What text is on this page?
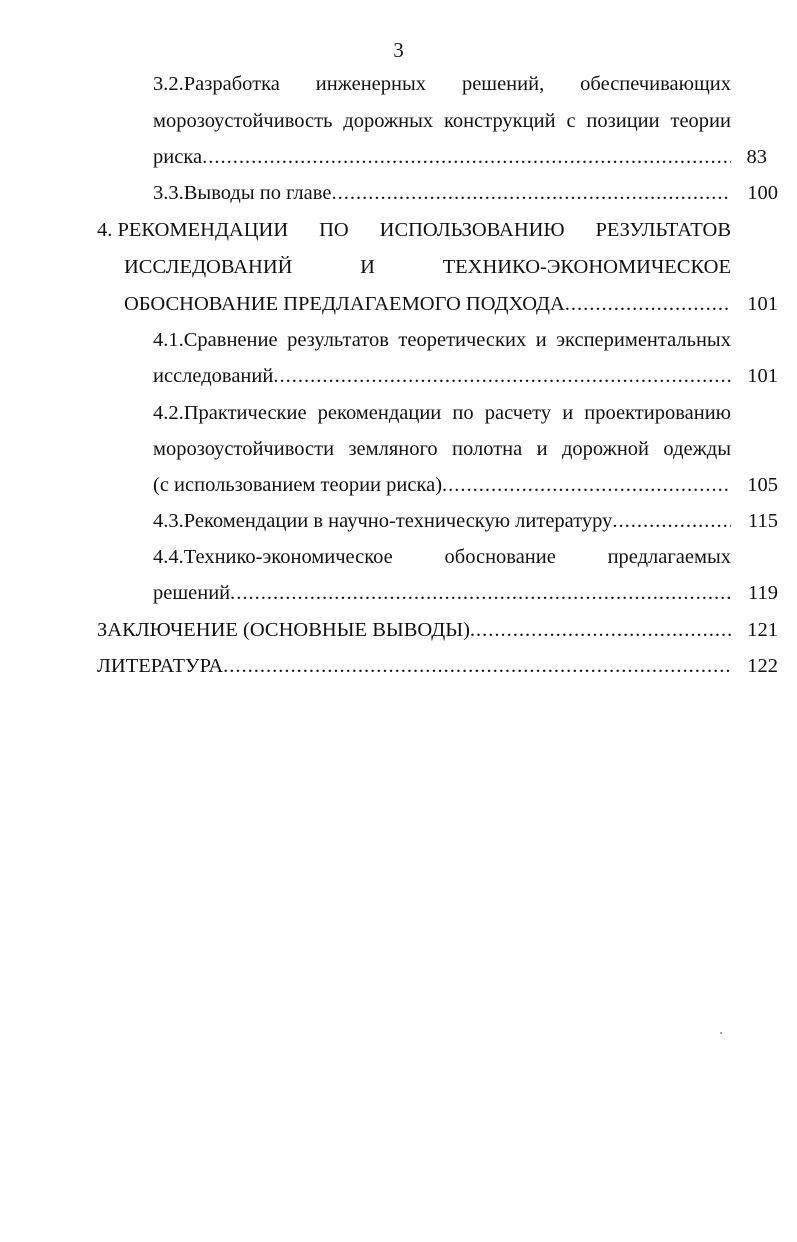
3
3.2.Разработка инженерных решений, обеспечивающих
морозоустойчивость дорожных конструкций с позиции теории
риска .....	83
3.3.Выводы по главе .....	100
4. РЕКОМЕНДАЦИИ ПО ИСПОЛЬЗОВАНИЮ РЕЗУЛЬТАТОВ
ИССЛЕДОВАНИЙ	И	ТЕХНИКО-ЭКОНОМИЧЕСКОЕ
ОБОСНОВАНИЕ ПРЕДЛАГАЕМОГО ПОДХОДА .....	101
4.1.Сравнение результатов теоретических и экспериментальных
исследований .....	101
4.2.Практические рекомендации по расчету и проектированию
морозоустойчивости земляного полотна и дорожной одежды
(с использованием теории риска) .....	105
4.3.Рекомендации в научно-техническую литературу .....	115
4.4.Технико-экономическое	обоснование	предлагаемых
решений .....	119
ЗАКЛЮЧЕНИЕ (ОСНОВНЫЕ ВЫВОДЫ) .....	121
ЛИТЕРАТУРА .....	122
